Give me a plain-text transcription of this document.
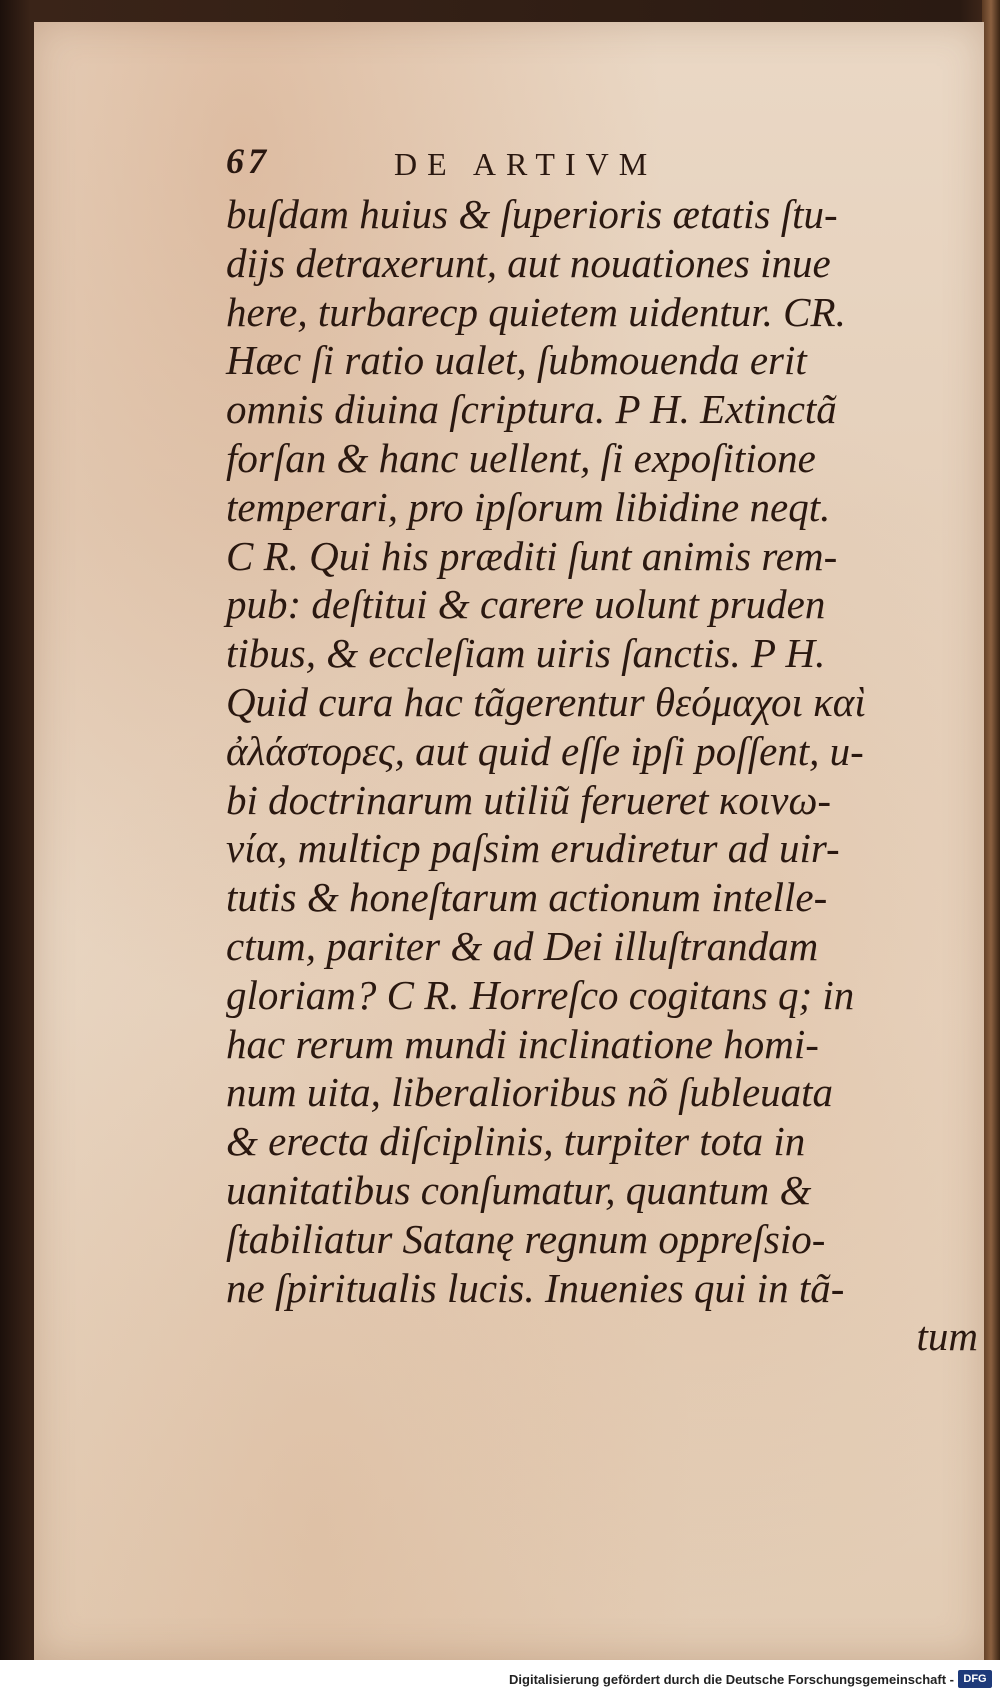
67	DE ARTIVM
buſdam huius & ſuperioris ætatis ſtu-
dijs detraxerunt, aut nouationes inue
here, turbarecp quietem uidentur. CR.
Hæc ſi ratio ualet, ſubmouenda erit
omnis diuina ſcriptura. P H. Extinctã
forſan & hanc uellent, ſi expoſitione
temperari, pro ipſorum libidine neqt.
C R. Qui his præditi ſunt animis rem-
pub: deſtitui & carere uolunt pruden
tibus, & eccleſiam uiris ſanctis. P H.
Quid cura hac tãgerentur θεόμαχοι καὶ
ἀλάστορες, aut quid eſſe ipſi poſſent, u-
bi doctrinarum utiliũ ferueret κοινω-
νία, multicp paſsim erudiretur ad uir-
tutis & honeſtarum actionum intelle-
ctum, pariter & ad Dei illuſtrandam
gloriam? C R. Horreſco cogitans q; in
hac rerum mundi inclinatione homi-
num uita, liberalioribus nõ ſubleuata
& erecta diſciplinis, turpiter tota in
uanitatibus conſumatur, quantum &
ſtabiliatur Satanę regnum oppreſsio-
ne ſpiritualis lucis. Inuenies qui in tã-
tum
Digitalisierung gefördert durch die Deutsche Forschungsgemeinschaft - DFG
